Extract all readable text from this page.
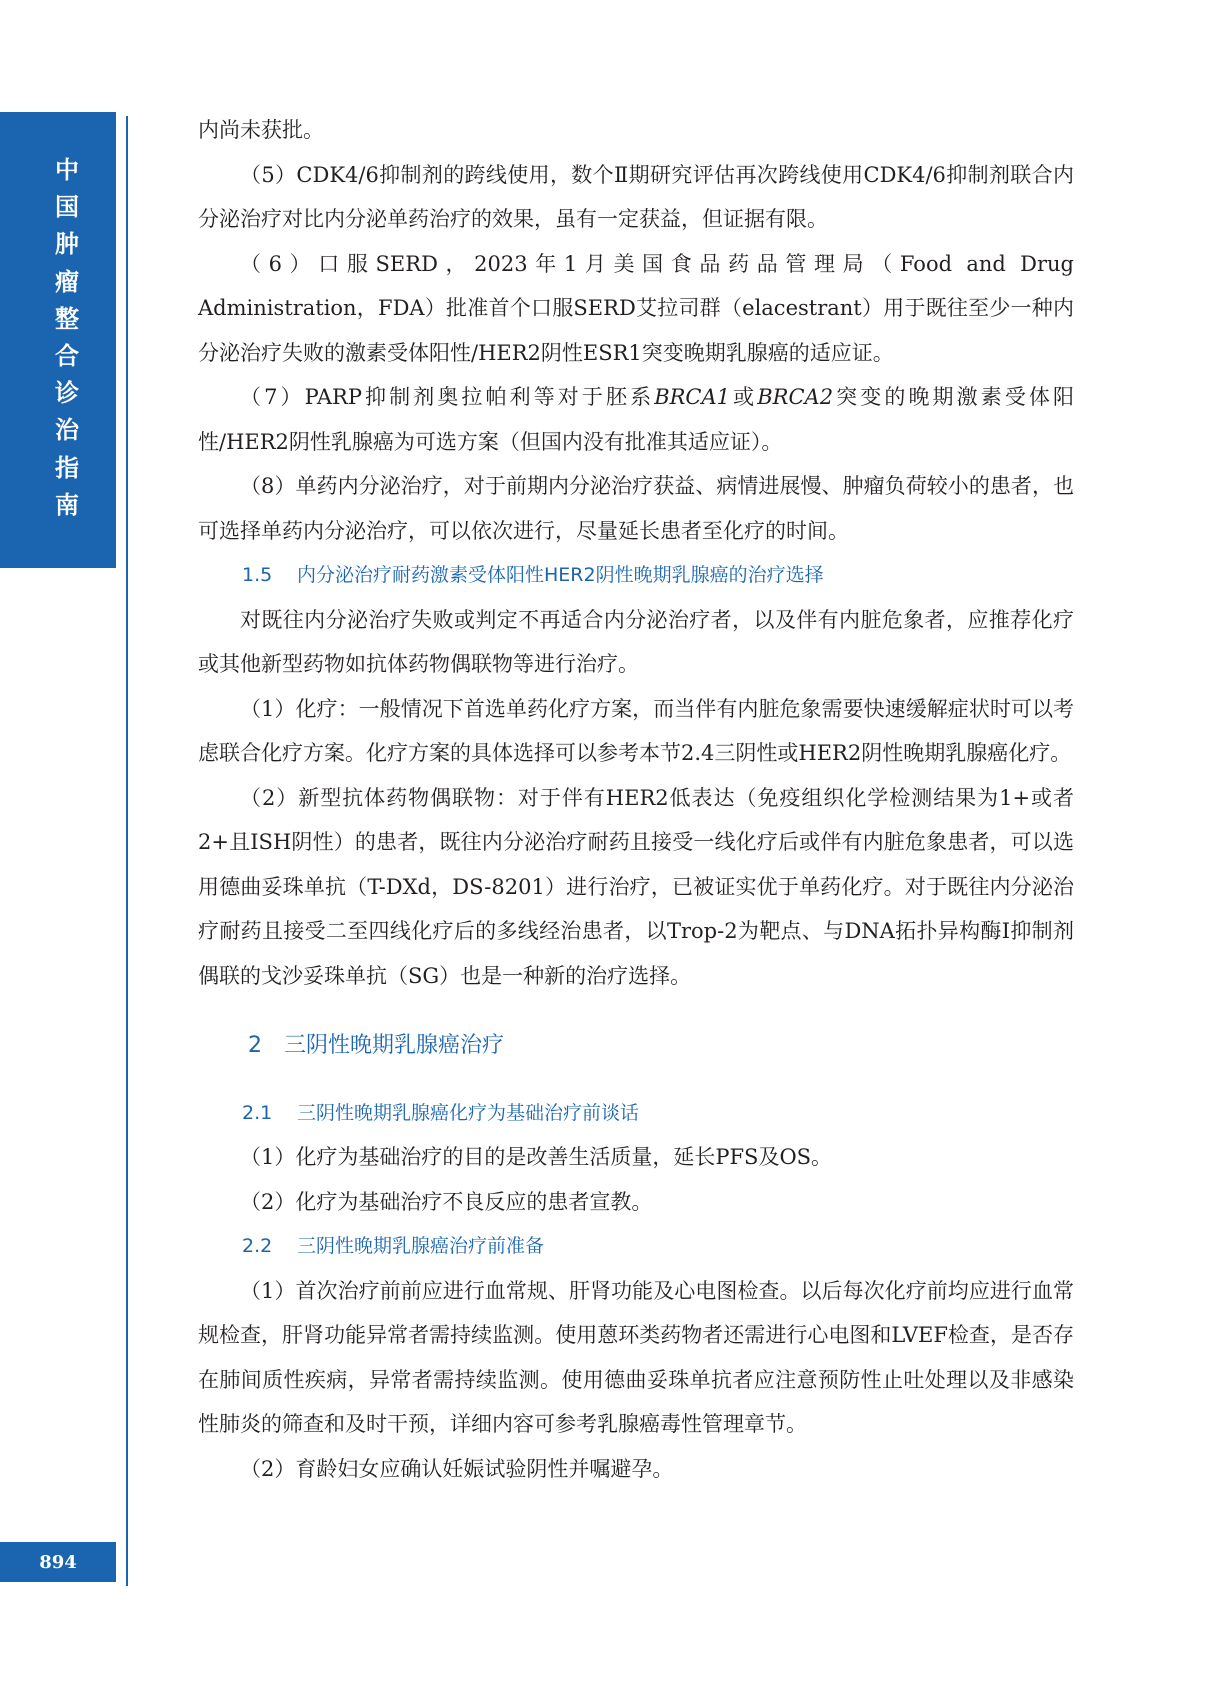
中
国
肿
瘤
整
合
诊
治
指
南
894

内尚未获批。

（5）CDK4/6抑制剂的跨线使用，数个Ⅱ期研究评估再次跨线使用CDK4/6抑制剂联合内分泌治疗对比内分泌单药治疗的效果，虽有一定获益，但证据有限。

（6）口服SERD，2023年1月美国食品药品管理局（Food and Drug Administration，FDA）批准首个口服SERD艾拉司群（elacestrant）用于既往至少一种内分泌治疗失败的激素受体阳性/HER2阴性ESR1突变晚期乳腺癌的适应证。

（7）PARP抑制剂奥拉帕利等对于胚系BRCA1或BRCA2突变的晚期激素受体阳性/HER2阴性乳腺癌为可选方案（但国内没有批准其适应证）。

（8）单药内分泌治疗，对于前期内分泌治疗获益、病情进展慢、肿瘤负荷较小的患者，也可选择单药内分泌治疗，可以依次进行，尽量延长患者至化疗的时间。

1.5 内分泌治疗耐药激素受体阳性HER2阴性晚期乳腺癌的治疗选择

对既往内分泌治疗失败或判定不再适合内分泌治疗者，以及伴有内脏危象者，应推荐化疗或其他新型药物如抗体药物偶联物等进行治疗。

（1）化疗：一般情况下首选单药化疗方案，而当伴有内脏危象需要快速缓解症状时可以考虑联合化疗方案。化疗方案的具体选择可以参考本节2.4三阴性或HER2阴性晚期乳腺癌化疗。

（2）新型抗体药物偶联物：对于伴有HER2低表达（免疫组织化学检测结果为1+或者2+且ISH阴性）的患者，既往内分泌治疗耐药且接受一线化疗后或伴有内脏危象患者，可以选用德曲妥珠单抗（T-DXd，DS-8201）进行治疗，已被证实优于单药化疗。对于既往内分泌治疗耐药且接受二至四线化疗后的多线经治患者，以Trop-2为靶点、与DNA拓扑异构酶Ⅰ抑制剂偶联的戈沙妥珠单抗（SG）也是一种新的治疗选择。

2 三阴性晚期乳腺癌治疗
2.1 三阴性晚期乳腺癌化疗为基础治疗前谈话

（1）化疗为基础治疗的目的是改善生活质量，延长PFS及OS。

（2）化疗为基础治疗不良反应的患者宣教。

2.2 三阴性晚期乳腺癌治疗前准备

（1）首次治疗前前应进行血常规、肝肾功能及心电图检查。以后每次化疗前均应进行血常规检查，肝肾功能异常者需持续监测。使用蒽环类药物者还需进行心电图和LVEF检查，是否存在肺间质性疾病，异常者需持续监测。使用德曲妥珠单抗者应注意预防性止吐处理以及非感染性肺炎的筛查和及时干预，详细内容可参考乳腺癌毒性管理章节。

（2）育龄妇女应确认妊娠试验阴性并嘱避孕。
